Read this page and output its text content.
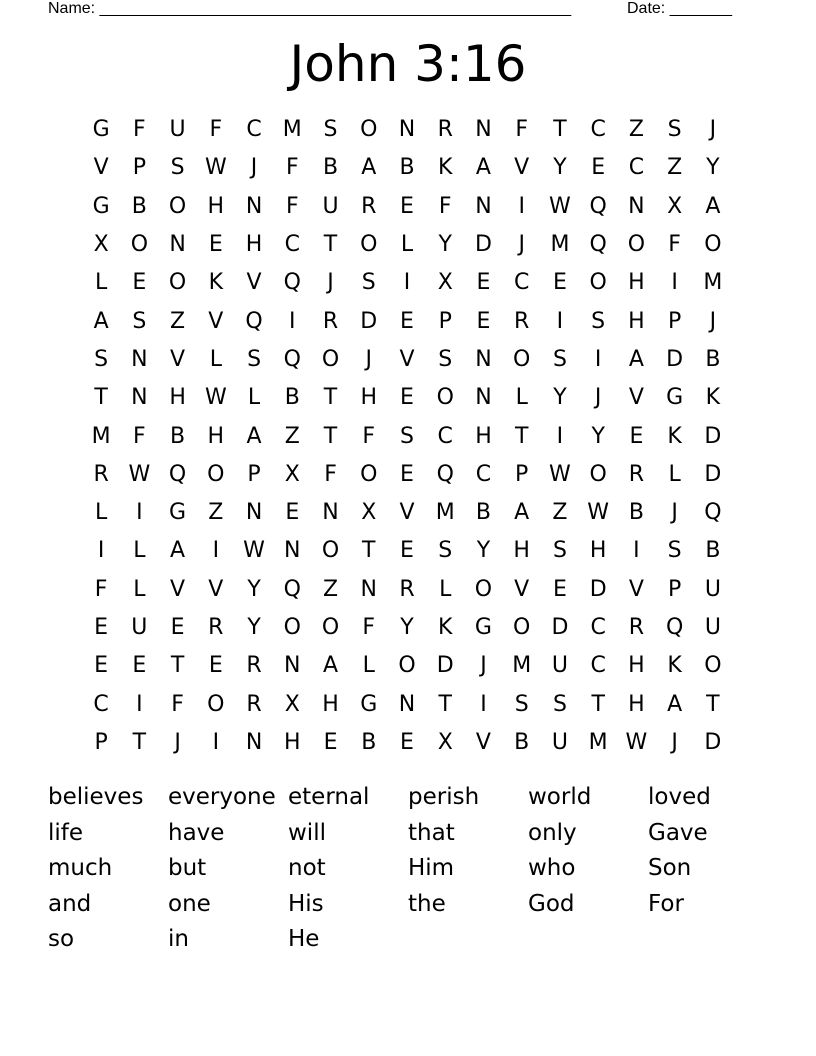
Name: _____________________________________________________	Date: _______
John 3:16
G	F	U	F	C M S	O N	R	N	F	T	C	Z	S	J
V	P	S W	J	F	B	A	B	K	A	V	Y	E	C	Z	Y
G	B	O H N	F	U	R	E	F	N	I	W Q N	X	A
X	O N	E	H	C	T	O	L	Y	D	J	M Q O	F	O
L	E	O	K	V	Q	J	S	I	X	E	C	E	O H	I	M
A	S	Z	V	Q	I	R	D	E	P	E	R	I	S	H	P	J
S	N	V	L	S	Q O	J	V	S	N O	S	I	A	D	B
T	N H W L	B	T	H	E	O N	L	Y	J	V	G	K
M	F	B	H	A	Z	T	F	S	C	H	T	I	Y	E	K	D
R W Q O	P	X	F	O	E	Q C	P W O R	L	D
L	I	G	Z	N	E	N	X	V M B	A	Z W B	J	Q
I	L	A	I	W N O	T	E	S	Y	H	S	H	I	S	B
F	L	V	V	Y	Q	Z	N	R	L	O	V	E	D	V	P	U
E	U	E	R	Y	O O	F	Y	K	G O D	C	R Q U
E	E	T	E	R	N	A	L	O D	J	M U	C	H	K	O
C	I	F	O R	X	H G N	T	I	S	S	T	H	A	T
P	T	J	I	N H	E	B	E	X	V	B	U M W	J	D
believes	everyone eternal	perish	world	loved
life	have	will	that	only	Gave
much	but	not	Him	who	Son
and	one	His	the	God	For
so	in	He
